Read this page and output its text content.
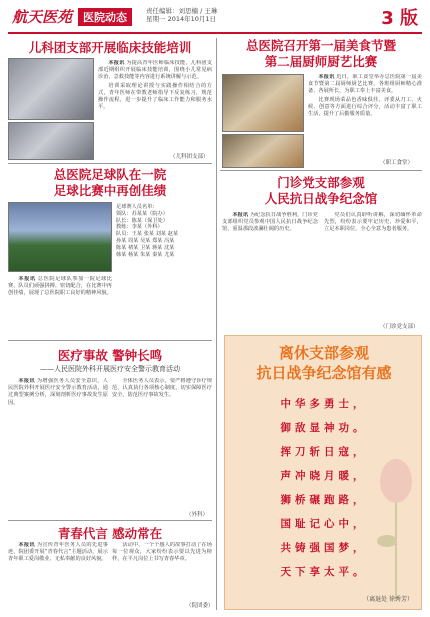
航天医苑 医院动态	责任编辑：刘思楠 / 王琳
星期一 2014年10月1日	3 版
儿科团支部开展临床技能培训

本报讯 为提高青年医师临床技能，儿科团支部近期组织开展临床技能培训，围绕小儿常见病诊治、急救技能等内容进行系统讲解与示范。

培训采取理论讲授与实践操作相结合的方式，青年医师在带教老师指导下反复练习，规范操作流程，进一步提升了临床工作能力和服务水平。

（儿科团支部）
总医院足球队在一院
足球比赛中再创佳绩

本报讯 总医院足球队参加一院足球比赛，队员们顽强拼搏、密切配合，在比赛中再创佳绩，展现了总医院职工良好的精神风貌。

足球赛人员名单：
领队：苏某某（院办）
队长：陈某（保卫处）
教练：李某（外科）
队员：王某 张某 刘某 赵某
孙某 周某 吴某 郑某 冯某
陈某 褚某 卫某 蒋某 沈某
韩某 杨某 朱某 秦某 尤某
医疗事故 警钟长鸣
——人民医院外科开展医疗安全警示教育活动

本报讯 为增强医务人员安全意识，人民医院外科开展医疗安全警示教育活动，通过典型案例分析，深刻剖析医疗事故发生原因。

全体医务人员表示，要严格遵守诊疗规范，认真执行各项核心制度，切实保障医疗安全，防范医疗事故发生。

（外科）
青春代言 感动常在

本报讯 为宣传青年医务人员的先进事迹，院团委开展“青春代言”主题活动，展示青年职工爱岗敬业、无私奉献的良好风貌。

活动中，一个个感人的故事打动了在场每一位观众，大家纷纷表示要以先进为榜样，在平凡岗位上书写青春华章。

（院团委）
总医院召开第一届美食节暨
第二届厨师厨艺比赛

本报讯 近日，职工食堂举办总医院第一届美食节暨第二届厨师厨艺比赛，各班组厨师精心准备、各展所长，为职工奉上丰富美食。

比赛现场菜品色香味俱佳，评委从刀工、火候、创意等方面进行综合评分，活动丰富了职工生活，提升了后勤服务质量。

（职工食堂）
门诊党支部参观
人民抗日战争纪念馆

本报讯 为纪念抗日战争胜利，门诊党支部组织党员参观中国人民抗日战争纪念馆，重温那段波澜壮阔的历史。

党员们认真聆听讲解，深切缅怀革命先烈，纷纷表示要牢记历史、珍爱和平，立足本职岗位，全心全意为患者服务。

（门诊党支部）
离休支部参观
抗日战争纪念馆有感
中华多勇士，
御敌显神功。
挥刀斩日寇，
声冲晓月暖，
狮桥碾跑路，
国耻记心中，
共铸强国梦，
天下享太平。
（离退处 徐秀芳）
